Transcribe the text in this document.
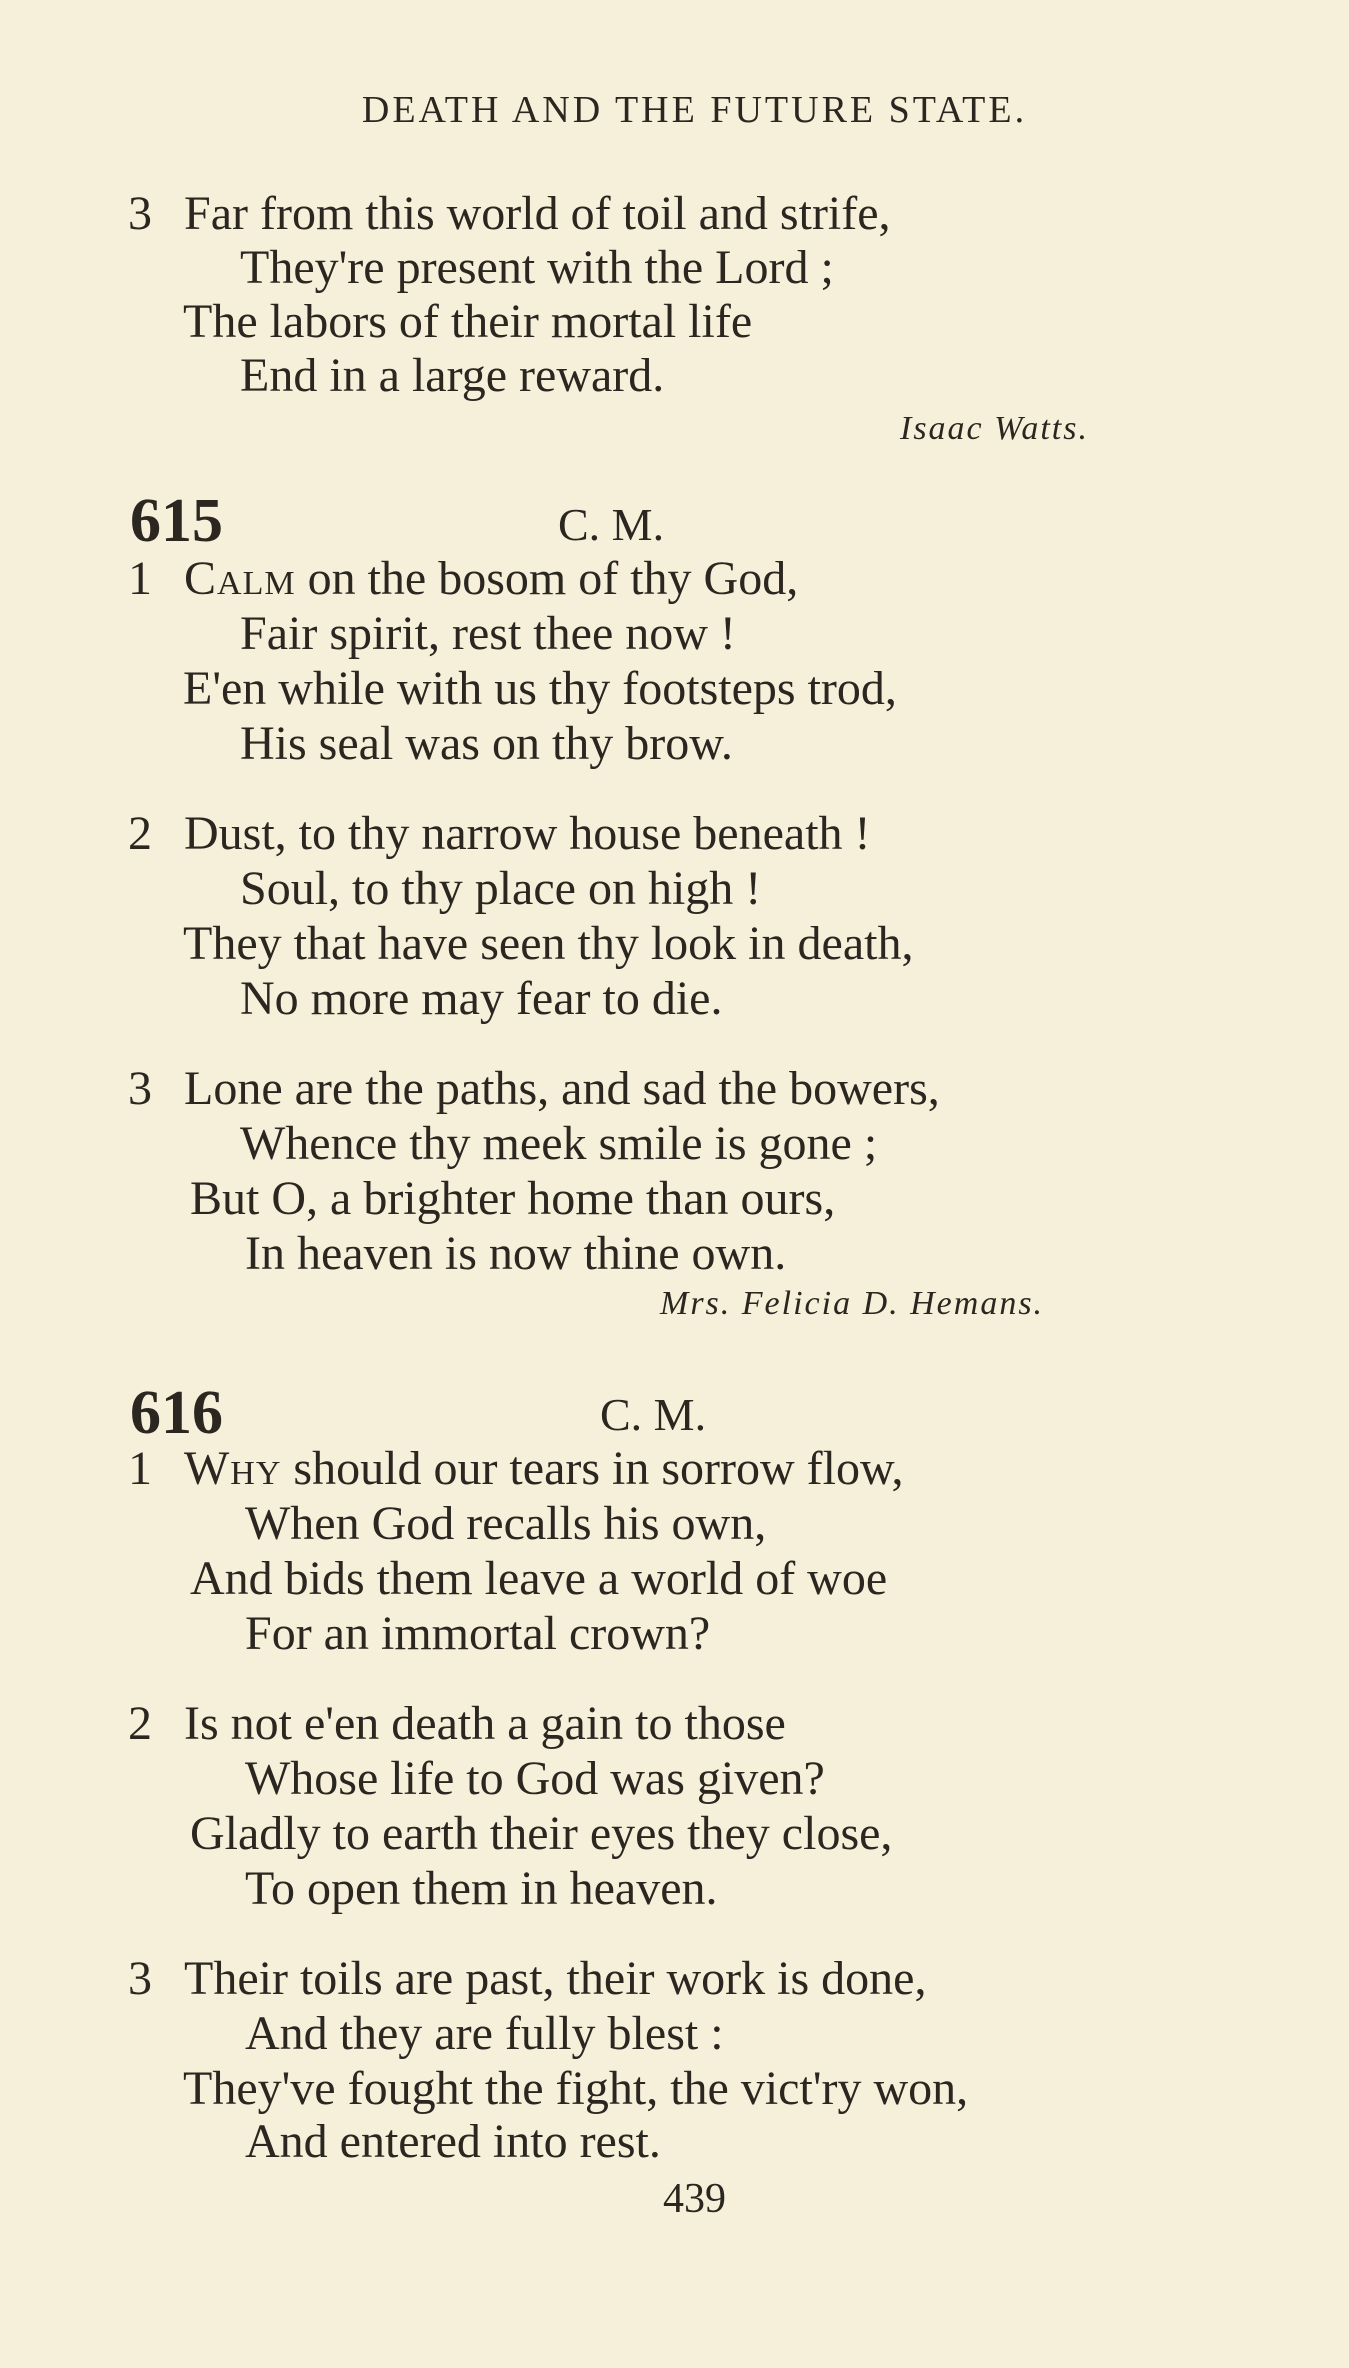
DEATH AND THE FUTURE STATE.
3 Far from this world of toil and strife,
They're present with the Lord ;
The labors of their mortal life
End in a large reward.
Isaac Watts.
615	C. M.
1 Calm on the bosom of thy God,
Fair spirit, rest thee now !
E'en while with us thy footsteps trod,
His seal was on thy brow.
2 Dust, to thy narrow house beneath !
Soul, to thy place on high !
They that have seen thy look in death,
No more may fear to die.
3 Lone are the paths, and sad the bowers,
Whence thy meek smile is gone ;
But O, a brighter home than ours,
In heaven is now thine own.
Mrs. Felicia D. Hemans.
616	C. M.
1 Why should our tears in sorrow flow,
When God recalls his own,
And bids them leave a world of woe
For an immortal crown?
2 Is not e'en death a gain to those
Whose life to God was given?
Gladly to earth their eyes they close,
To open them in heaven.
3 Their toils are past, their work is done,
And they are fully blest :
They've fought the fight, the vict'ry won,
And entered into rest.
439
